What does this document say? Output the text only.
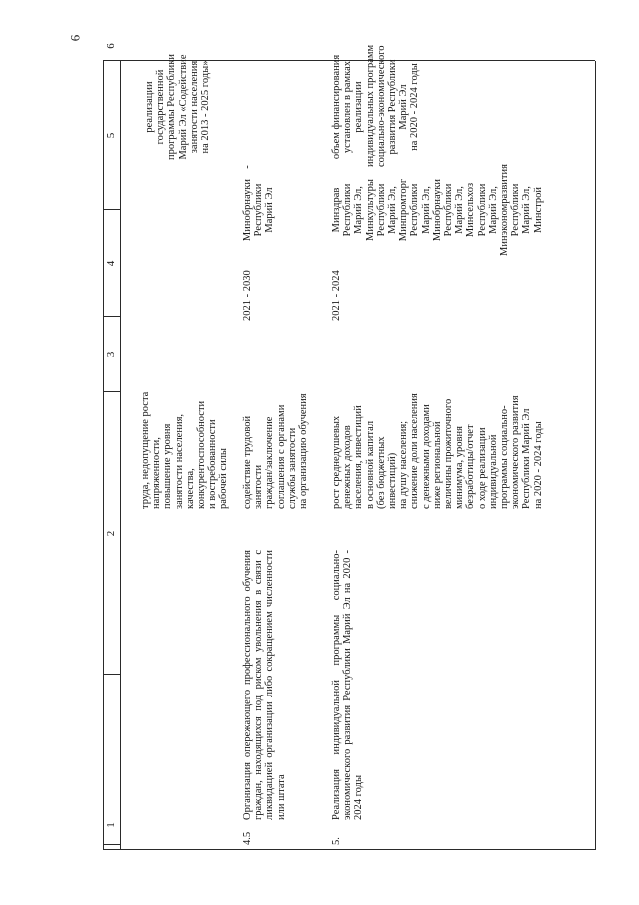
6
1
2
3
4
5
6
труда, недопущение роста
напряженности,
повышение уровня
занятости населения,
качества,
конкурентоспособности
и востребованности
рабочей силы
реализации
государственной
программы Республики
Марий Эл «Содействие
занятости населения
на 2013 - 2025 годы»
4.5
Организация опережающего профессионального обучения граждан, находящихся под риском увольнения в связи с ликвидацией организации либо сокращением численности или штата
содействие трудовой
занятости
граждан/заключение
соглашения с органами
службы занятости
на организацию обучения
2021 - 2030
Минобрнауки
Республики
Марий Эл
-
5.
Реализация индивидуальной программы социально-экономического развития Республики Марий Эл на 2020 - 2024 годы
рост среднедушевых
денежных доходов
населения, инвестиций
в основной капитал
(без бюджетных
инвестиций)
на душу населения;
снижение доли населения
с денежными доходами
ниже региональной
величины прожиточного
минимума, уровня
безработицы/отчет
о ходе реализации
индивидуальной
программы социально-
экономического развития
Республики Марий Эл
на 2020 - 2024 годы
2021 - 2024
Минздрав
Республики
Марий Эл,
Минкультуры
Республики
Марий Эл,
Минпромторг
Республики
Марий Эл,
Минобрнауки
Республики
Марий Эл,
Минсельхоз
Республики
Марий Эл,
Минэкономразвития
Республики
Марий Эл,
Минстрой
объем финансирования
установлен в рамках
реализации
индивидуальных программ
социально-экономического
развития Республики
Марий Эл
на 2020 - 2024 годы
